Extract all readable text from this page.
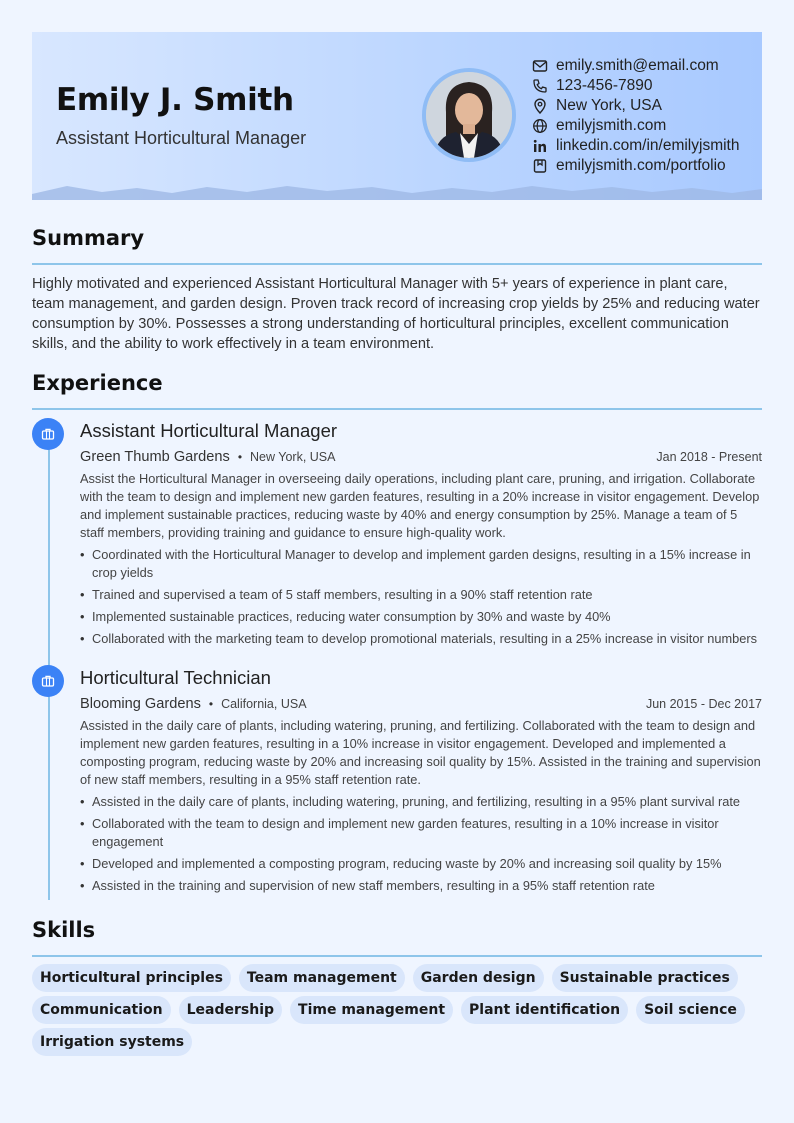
Emily J. Smith
Assistant Horticultural Manager
emily.smith@email.com
123-456-7890
New York, USA
emilyjsmith.com
linkedin.com/in/emilyjsmith
emilyjsmith.com/portfolio
Summary
Highly motivated and experienced Assistant Horticultural Manager with 5+ years of experience in plant care, team management, and garden design. Proven track record of increasing crop yields by 25% and reducing water consumption by 30%. Possesses a strong understanding of horticultural principles, excellent communication skills, and the ability to work effectively in a team environment.
Experience
Assistant Horticultural Manager
Green Thumb Gardens • New York, USA	Jan 2018 - Present
Assist the Horticultural Manager in overseeing daily operations, including plant care, pruning, and irrigation. Collaborate with the team to design and implement new garden features, resulting in a 20% increase in visitor engagement. Develop and implement sustainable practices, reducing waste by 40% and energy consumption by 25%. Manage a team of 5 staff members, providing training and guidance to ensure high-quality work.
• Coordinated with the Horticultural Manager to develop and implement garden designs, resulting in a 15% increase in crop yields
• Trained and supervised a team of 5 staff members, resulting in a 90% staff retention rate
• Implemented sustainable practices, reducing water consumption by 30% and waste by 40%
• Collaborated with the marketing team to develop promotional materials, resulting in a 25% increase in visitor numbers
Horticultural Technician
Blooming Gardens • California, USA	Jun 2015 - Dec 2017
Assisted in the daily care of plants, including watering, pruning, and fertilizing. Collaborated with the team to design and implement new garden features, resulting in a 10% increase in visitor engagement. Developed and implemented a composting program, reducing waste by 20% and increasing soil quality by 15%. Assisted in the training and supervision of new staff members, resulting in a 95% staff retention rate.
• Assisted in the daily care of plants, including watering, pruning, and fertilizing, resulting in a 95% plant survival rate
• Collaborated with the team to design and implement new garden features, resulting in a 10% increase in visitor engagement
• Developed and implemented a composting program, reducing waste by 20% and increasing soil quality by 15%
• Assisted in the training and supervision of new staff members, resulting in a 95% staff retention rate
Skills
Horticultural principles	Team management	Garden design	Sustainable practices
Communication	Leadership	Time management	Plant identification	Soil science
Irrigation systems
